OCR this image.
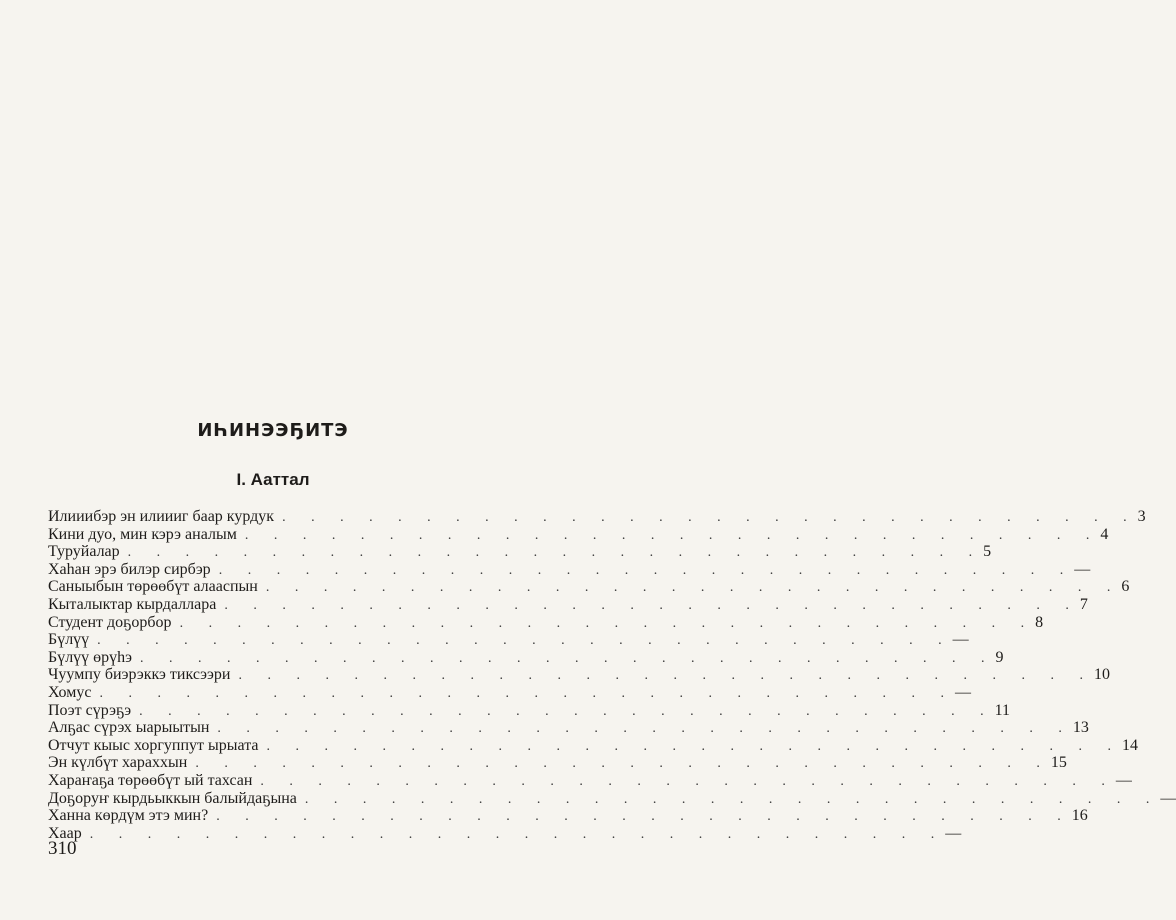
ИҺИНЭЭҔИТЭ
I. Ааттал
Илииибэр эн илиииг баар курдук . . . . . . . . . . . . . . . . . . . . . . . . . . . . . . 3
Кини дуо, мин кэрэ аналым . . . . . . . . . . . . . . . . . . . . . . . . . . . . . . 4
Туруйалар . . . . . . . . . . . . . . . . . . . . . . . . . . . . . . 5
Хаһан эрэ билэр сирбэр . . . . . . . . . . . . . . . . . . . . . . . . . . . . . . —
Саныыбын төрөөбүт алааспын . . . . . . . . . . . . . . . . . . . . . . . . . . . . . . 6
Кыталыктар кырдаллара . . . . . . . . . . . . . . . . . . . . . . . . . . . . . . 7
Студент доҕорбор . . . . . . . . . . . . . . . . . . . . . . . . . . . . . . 8
Бүлүү . . . . . . . . . . . . . . . . . . . . . . . . . . . . . . —
Бүлүү өрүһэ . . . . . . . . . . . . . . . . . . . . . . . . . . . . . . 9
Чуумпу биэрэккэ тиксээри . . . . . . . . . . . . . . . . . . . . . . . . . . . . . . 10
Хомус . . . . . . . . . . . . . . . . . . . . . . . . . . . . . . —
Поэт сүрэҕэ . . . . . . . . . . . . . . . . . . . . . . . . . . . . . . 11
Алҕас сүрэх ыарыытын . . . . . . . . . . . . . . . . . . . . . . . . . . . . . . 13
Отчут кыыс хоргуппут ырыата . . . . . . . . . . . . . . . . . . . . . . . . . . . . . . 14
Эн күлбүт хараххын . . . . . . . . . . . . . . . . . . . . . . . . . . . . . . 15
Хараҥаҕа төрөөбүт ый тахсан . . . . . . . . . . . . . . . . . . . . . . . . . . . . . . —
Доҕоруҥ кырдьыккын балыйдаҕына . . . . . . . . . . . . . . . . . . . . . . . . . . . . . . —
Ханна көрдүм этэ мин? . . . . . . . . . . . . . . . . . . . . . . . . . . . . . . 16
Хаар . . . . . . . . . . . . . . . . . . . . . . . . . . . . . . —
310
